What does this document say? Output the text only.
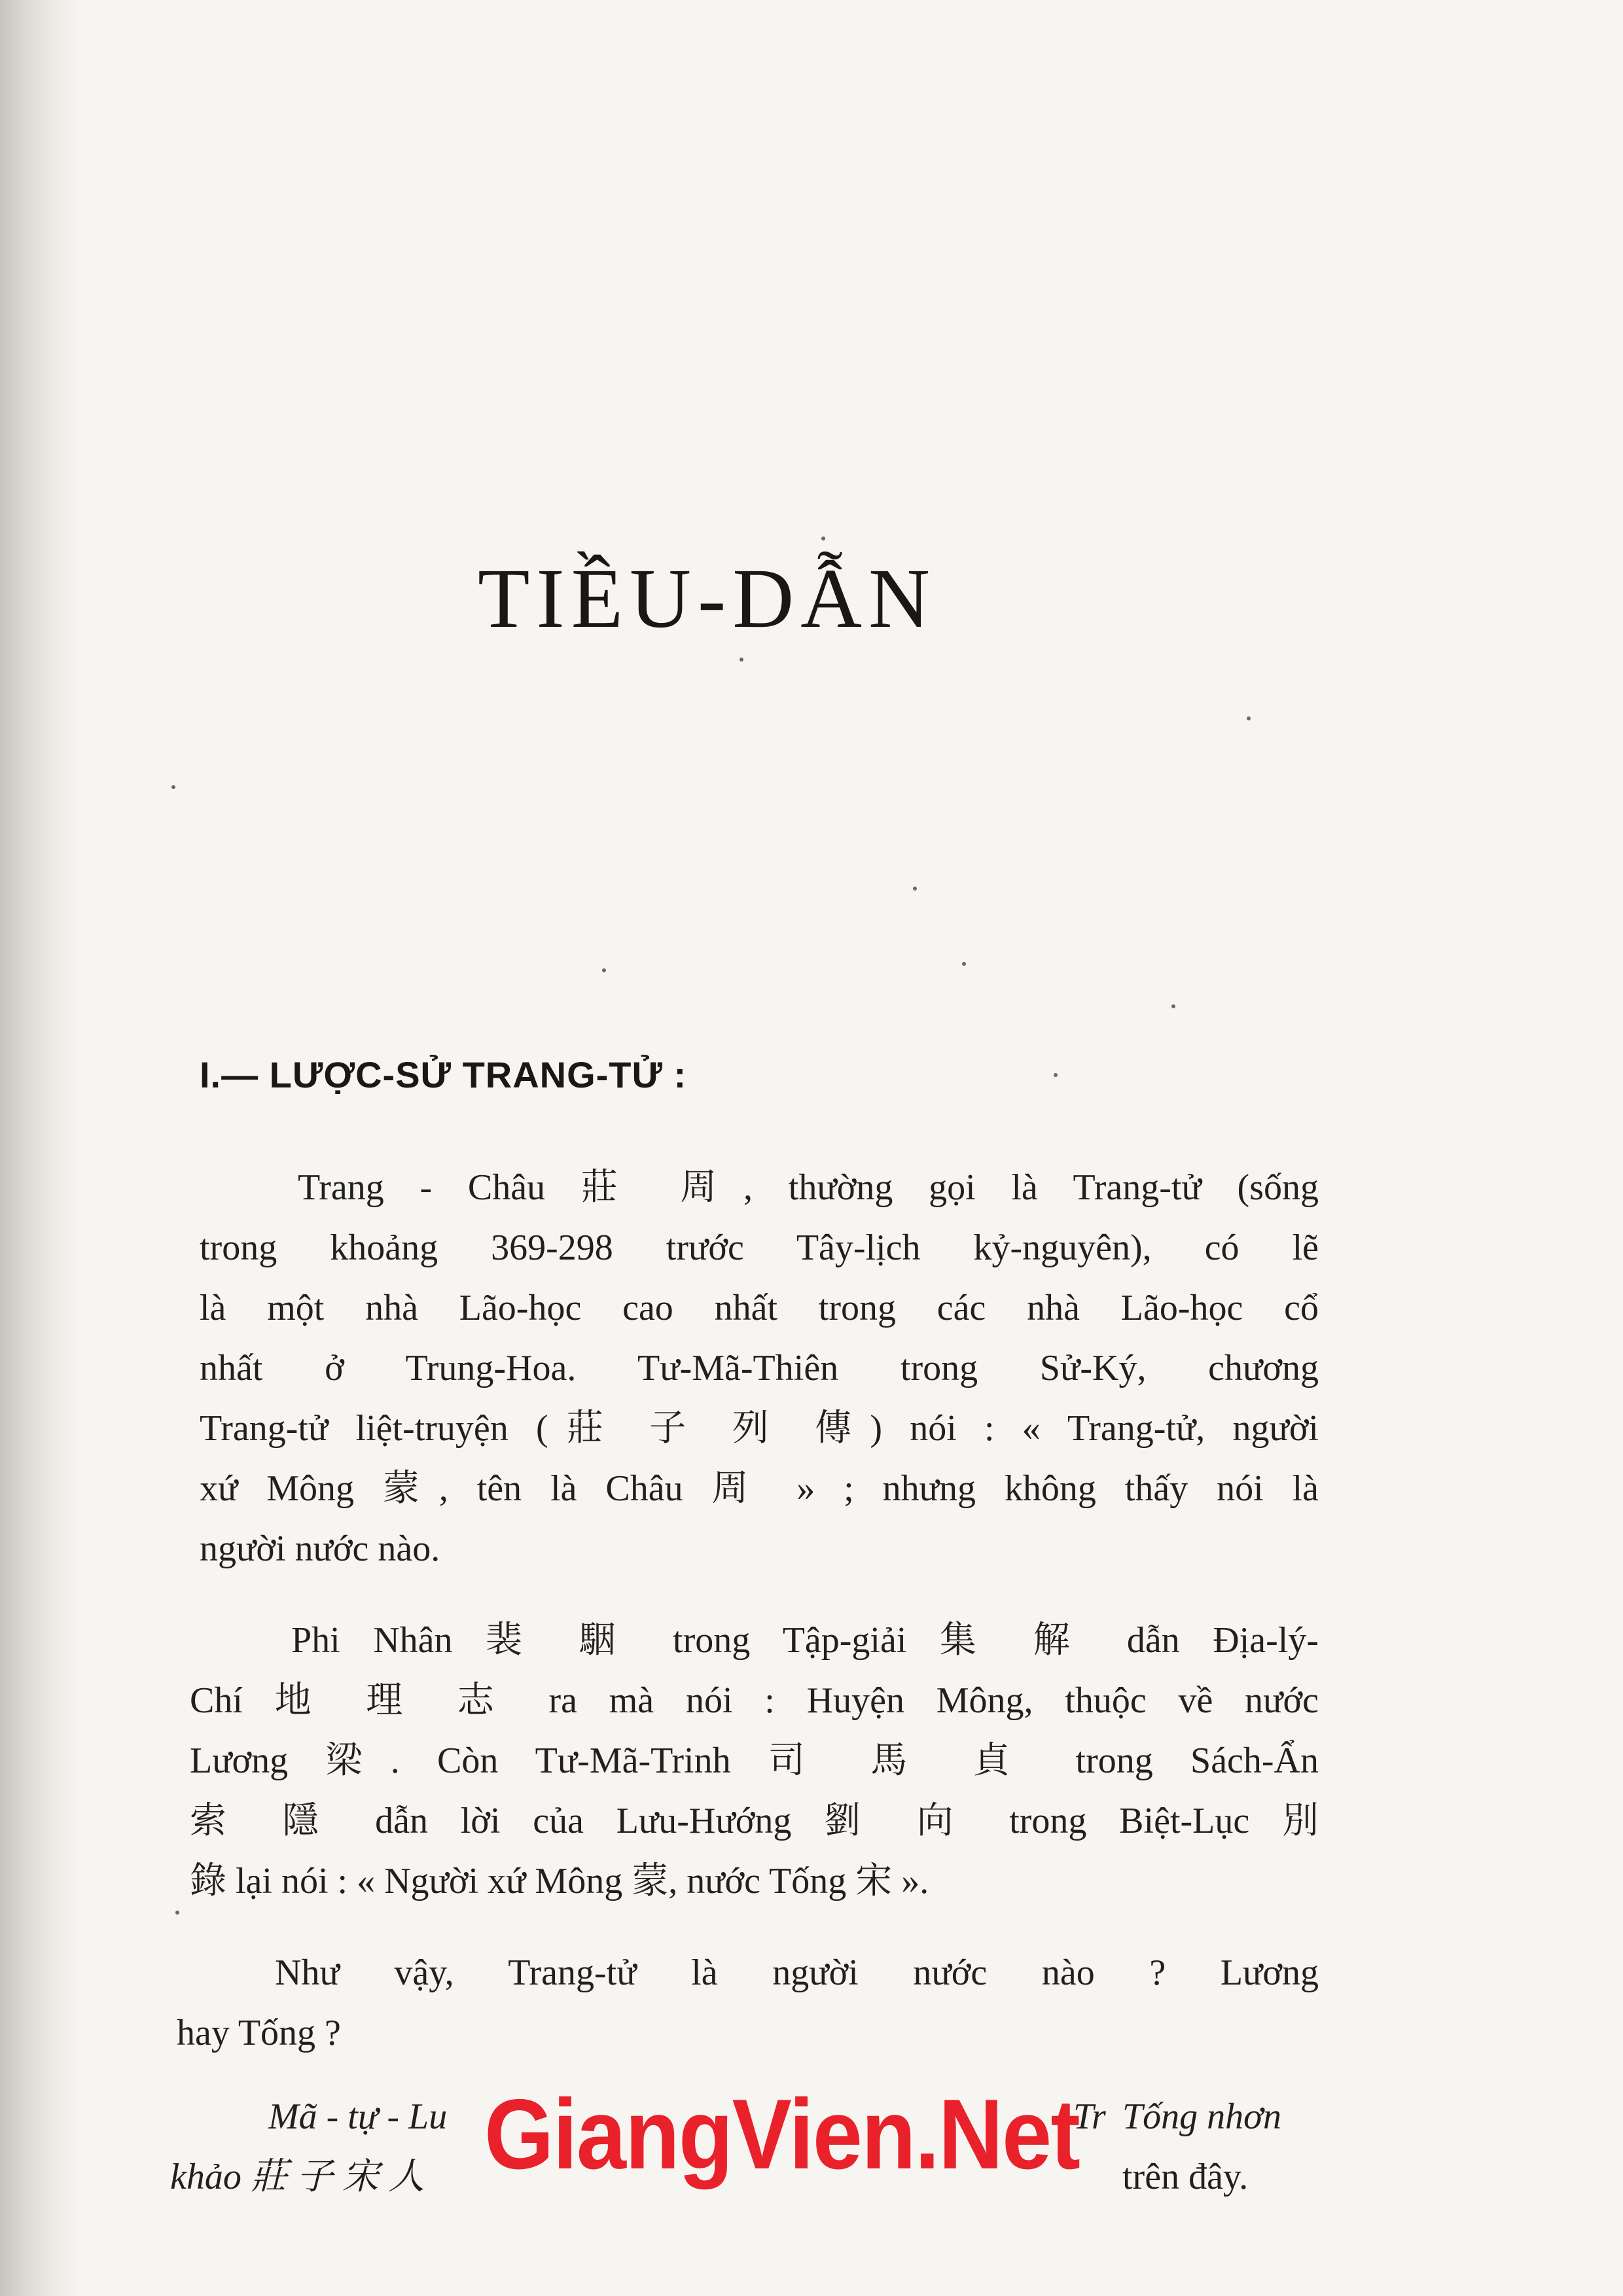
TIỀU-DẪN
I.— LƯỢC-SỬ TRANG-TỬ :
Trang - Châu 莊 周, thường gọi là Trang-tử (sống
trong khoảng 369-298 trước Tây-lịch kỷ-nguyên), có lẽ
là một nhà Lão-học cao nhất trong các nhà Lão-học cổ
nhất ở Trung-Hoa. Tư-Mã-Thiên trong Sử-Ký, chương
Trang-tử liệt-truyện (莊 子 列 傳) nói : « Trang-tử, người
xứ Mông 蒙, tên là Châu 周 » ; nhưng không thấy nói là
người nước nào.
Phi Nhân 裴 駰 trong Tập-giải 集 解 dẫn Địa-lý-
Chí 地 理 志 ra mà nói : Huyện Mông, thuộc về nước
Lương 梁. Còn Tư-Mã-Trinh 司 馬 貞 trong Sách-Ẩn
索 隱 dẫn lời của Lưu-Hướng 劉 向 trong Biệt-Lục 別
錄 lại nói : « Người xứ Mông 蒙, nước Tống 宋 ».
Như vậy, Trang-tử là người nước nào ? Lương
hay Tống ?
Mã - tự - Lu	Tr Tống nhơn
khảo 莊 子 宋 人	trên đây.
GiangVien.Net
